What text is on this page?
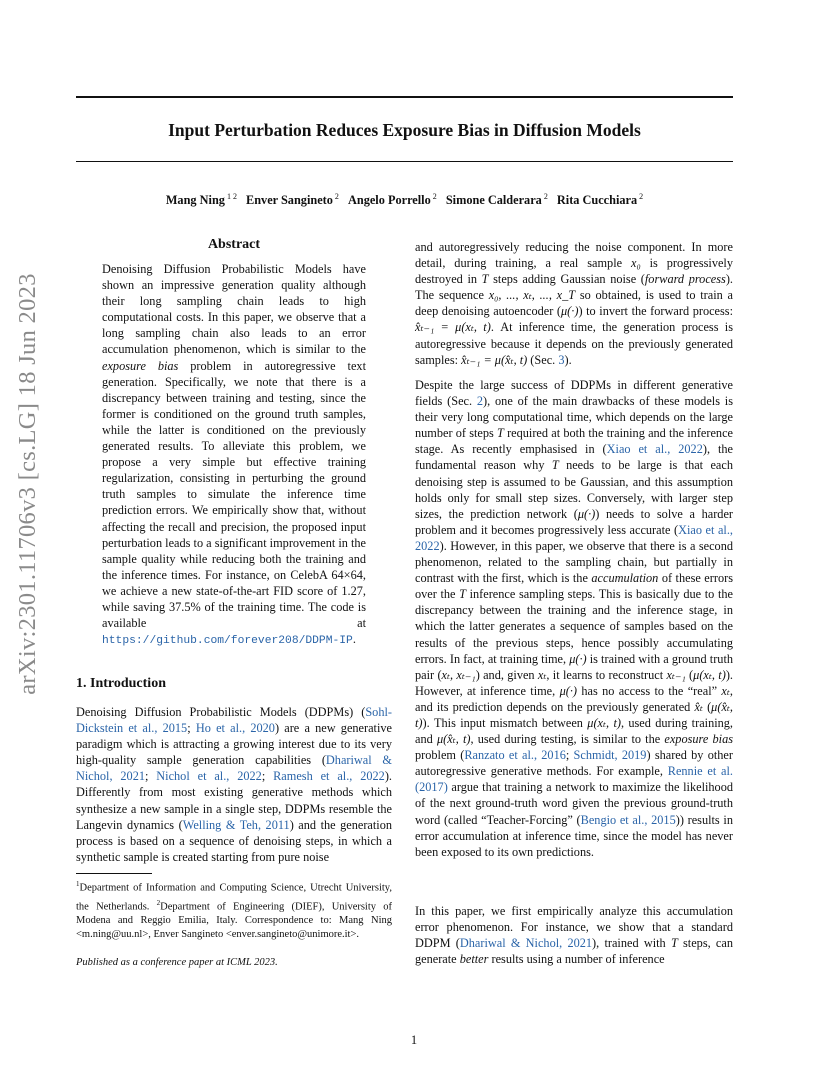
Input Perturbation Reduces Exposure Bias in Diffusion Models
Mang Ning $^{1 2}$ Enver Sangineto $^2$ Angelo Porrello $^2$ Simone Calderara $^2$ Rita Cucchiara $^2$
arXiv:2301.11706v3 [cs.LG] 18 Jun 2023
Abstract

Denoising Diffusion Probabilistic Models have shown an impressive generation quality although their long sampling chain leads to high computational costs. In this paper, we observe that a long sampling chain also leads to an error accumulation phenomenon, which is similar to the exposure bias problem in autoregressive text generation. Specifically, we note that there is a discrepancy between training and testing, since the former is conditioned on the ground truth samples, while the latter is conditioned on the previously generated results. To alleviate this problem, we propose a very simple but effective training regularization, consisting in perturbing the ground truth samples to simulate the inference time prediction errors. We empirically show that, without affecting the recall and precision, the proposed input perturbation leads to a significant improvement in the sample quality while reducing both the training and the inference times. For instance, on CelebA 64×64, we achieve a new state-of-the-art FID score of 1.27, while saving 37.5% of the training time. The code is available at https://github.com/forever208/DDPM-IP.

1. Introduction

Denoising Diffusion Probabilistic Models (DDPMs) (Sohl-Dickstein et al., 2015; Ho et al., 2020) are a new generative paradigm which is attracting a growing interest due to its very high-quality sample generation capabilities (Dhariwal & Nichol, 2021; Nichol et al., 2022; Ramesh et al., 2022). Differently from most existing generative methods which synthesize a new sample in a single step, DDPMs resemble the Langevin dynamics (Welling & Teh, 2011) and the generation process is based on a sequence of denoising steps, in which a synthetic sample is created starting from pure noise

$^1$Department of Information and Computing Science, Utrecht University, the Netherlands. $^2$Department of Engineering (DIEF), University of Modena and Reggio Emilia, Italy. Correspondence to: Mang Ning <m.ning@uu.nl>, Enver Sangineto <enver.sangineto@unimore.it>.
Published as a conference paper at ICML 2023.

and autoregressively reducing the noise component. In more detail, during training, a real sample x₀ is progressively destroyed in T steps adding Gaussian noise (forward process). The sequence x₀, ..., xₜ, ..., x_T so obtained, is used to train a deep denoising autoencoder (μ(·)) to invert the forward process: x̂ₜ₋₁ = μ(xₜ, t). At inference time, the generation process is autoregressive because it depends on the previously generated samples: x̂ₜ₋₁ = μ(x̂ₜ, t) (Sec. 3).

Despite the large success of DDPMs in different generative fields (Sec. 2), one of the main drawbacks of these models is their very long computational time, which depends on the large number of steps T required at both the training and the inference stage. As recently emphasised in (Xiao et al., 2022), the fundamental reason why T needs to be large is that each denoising step is assumed to be Gaussian, and this assumption holds only for small step sizes. Conversely, with larger step sizes, the prediction network (μ(·)) needs to solve a harder problem and it becomes progressively less accurate (Xiao et al., 2022). However, in this paper, we observe that there is a second phenomenon, related to the sampling chain, but partially in contrast with the first, which is the accumulation of these errors over the T inference sampling steps. This is basically due to the discrepancy between the training and the inference stage, in which the latter generates a sequence of samples based on the results of the previous steps, hence possibly accumulating errors. In fact, at training time, μ(·) is trained with a ground truth pair (xₜ, xₜ₋₁) and, given xₜ, it learns to reconstruct xₜ₋₁ (μ(xₜ, t)). However, at inference time, μ(·) has no access to the “real” xₜ, and its prediction depends on the previously generated x̂ₜ (μ(x̂ₜ, t)). This input mismatch between μ(xₜ, t), used during training, and μ(x̂ₜ, t), used during testing, is similar to the exposure bias problem (Ranzato et al., 2016; Schmidt, 2019) shared by other autoregressive generative methods. For example, Rennie et al. (2017) argue that training a network to maximize the likelihood of the next ground-truth word given the previous ground-truth word (called “Teacher-Forcing” (Bengio et al., 2015)) results in error accumulation at inference time, since the model has never been exposed to its own predictions.

In this paper, we first empirically analyze this accumulation error phenomenon. For instance, we show that a standard DDPM (Dhariwal & Nichol, 2021), trained with T steps, can generate better results using a number of inference

1
